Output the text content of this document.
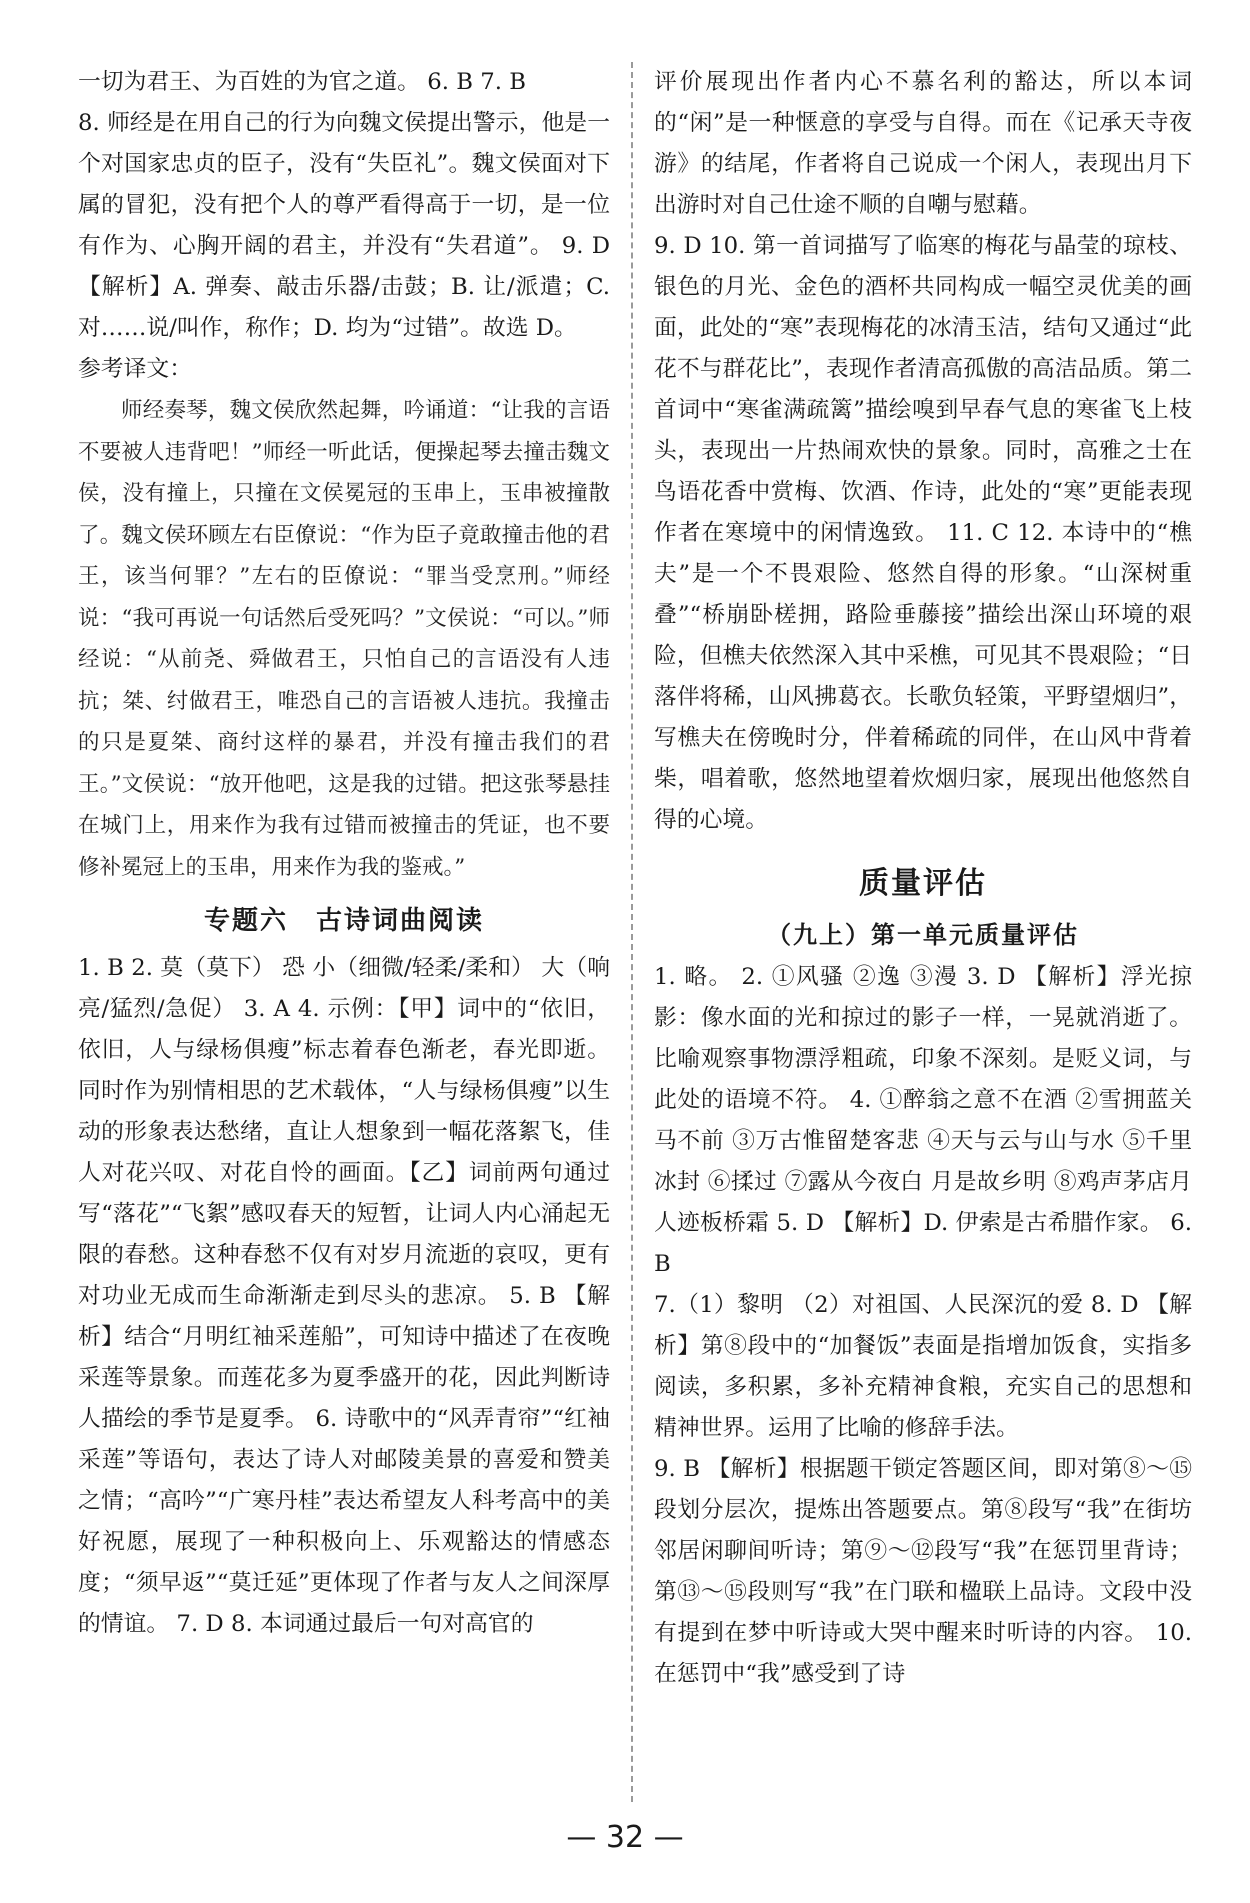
一切为君王、为百姓的为官之道。 6. B 7. B

8. 师经是在用自己的行为向魏文侯提出警示，他是一个对国家忠贞的臣子，没有“失臣礼”。魏文侯面对下属的冒犯，没有把个人的尊严看得高于一切，是一位有作为、心胸开阔的君主，并没有“失君道”。 9. D 【解析】A. 弹奏、敲击乐器/击鼓；B. 让/派遣；C. 对……说/叫作，称作；D. 均为“过错”。故选 D。

参考译文：

师经奏琴，魏文侯欣然起舞，吟诵道：“让我的言语不要被人违背吧！”师经一听此话，便操起琴去撞击魏文侯，没有撞上，只撞在文侯冕冠的玉串上，玉串被撞散了。魏文侯环顾左右臣僚说：“作为臣子竟敢撞击他的君王，该当何罪？”左右的臣僚说：“罪当受烹刑。”师经说：“我可再说一句话然后受死吗？”文侯说：“可以。”师经说：“从前尧、舜做君王，只怕自己的言语没有人违抗；桀、纣做君王，唯恐自己的言语被人违抗。我撞击的只是夏桀、商纣这样的暴君，并没有撞击我们的君王。”文侯说：“放开他吧，这是我的过错。把这张琴悬挂在城门上，用来作为我有过错而被撞击的凭证，也不要修补冕冠上的玉串，用来作为我的鉴戒。”

专题六　古诗词曲阅读

1. B 2. 莫（莫下） 恐 小（细微/轻柔/柔和） 大（响亮/猛烈/急促） 3. A 4. 示例：【甲】词中的“依旧，依旧，人与绿杨俱瘦”标志着春色渐老，春光即逝。同时作为别情相思的艺术载体，“人与绿杨俱瘦”以生动的形象表达愁绪，直让人想象到一幅花落絮飞，佳人对花兴叹、对花自怜的画面。【乙】词前两句通过写“落花”“飞絮”感叹春天的短暂，让词人内心涌起无限的春愁。这种春愁不仅有对岁月流逝的哀叹，更有对功业无成而生命渐渐走到尽头的悲凉。 5. B 【解析】结合“月明红袖采莲船”，可知诗中描述了在夜晚采莲等景象。而莲花多为夏季盛开的花，因此判断诗人描绘的季节是夏季。 6. 诗歌中的“风弄青帘”“红袖采莲”等语句，表达了诗人对邮陵美景的喜爱和赞美之情；“高吟”“广寒丹桂”表达希望友人科考高中的美好祝愿，展现了一种积极向上、乐观豁达的情感态度；“须早返”“莫迁延”更体现了作者与友人之间深厚的情谊。 7. D 8. 本词通过最后一句对高官的

评价展现出作者内心不慕名利的豁达，所以本词的“闲”是一种惬意的享受与自得。而在《记承天寺夜游》的结尾，作者将自己说成一个闲人，表现出月下出游时对自己仕途不顺的自嘲与慰藉。

9. D 10. 第一首词描写了临寒的梅花与晶莹的琼枝、银色的月光、金色的酒杯共同构成一幅空灵优美的画面，此处的“寒”表现梅花的冰清玉洁，结句又通过“此花不与群花比”，表现作者清高孤傲的高洁品质。第二首词中“寒雀满疏篱”描绘嗅到早春气息的寒雀飞上枝头，表现出一片热闹欢快的景象。同时，高雅之士在鸟语花香中赏梅、饮酒、作诗，此处的“寒”更能表现作者在寒境中的闲情逸致。 11. C 12. 本诗中的“樵夫”是一个不畏艰险、悠然自得的形象。“山深树重叠”“桥崩卧槎拥，路险垂藤接”描绘出深山环境的艰险，但樵夫依然深入其中采樵，可见其不畏艰险；“日落伴将稀，山风拂葛衣。长歌负轻策，平野望烟归”，写樵夫在傍晚时分，伴着稀疏的同伴，在山风中背着柴，唱着歌，悠然地望着炊烟归家，展现出他悠然自得的心境。

质量评估
（九上）第一单元质量评估

1. 略。 2. ①风骚 ②逸 ③漫 3. D 【解析】浮光掠影：像水面的光和掠过的影子一样，一晃就消逝了。比喻观察事物漂浮粗疏，印象不深刻。是贬义词，与此处的语境不符。 4. ①醉翁之意不在酒 ②雪拥蓝关马不前 ③万古惟留楚客悲 ④天与云与山与水 ⑤千里冰封 ⑥揉过 ⑦露从今夜白 月是故乡明 ⑧鸡声茅店月 人迹板桥霜 5. D 【解析】D. 伊索是古希腊作家。 6. B

7.（1）黎明 （2）对祖国、人民深沉的爱 8. D 【解析】第⑧段中的“加餐饭”表面是指增加饭食，实指多阅读，多积累，多补充精神食粮，充实自己的思想和精神世界。运用了比喻的修辞手法。

9. B 【解析】根据题干锁定答题区间，即对第⑧～⑮段划分层次，提炼出答题要点。第⑧段写“我”在街坊邻居闲聊间听诗；第⑨～⑫段写“我”在惩罚里背诗；第⑬～⑮段则写“我”在门联和楹联上品诗。文段中没有提到在梦中听诗或大哭中醒来时听诗的内容。 10. 在惩罚中“我”感受到了诗

— 32 —
